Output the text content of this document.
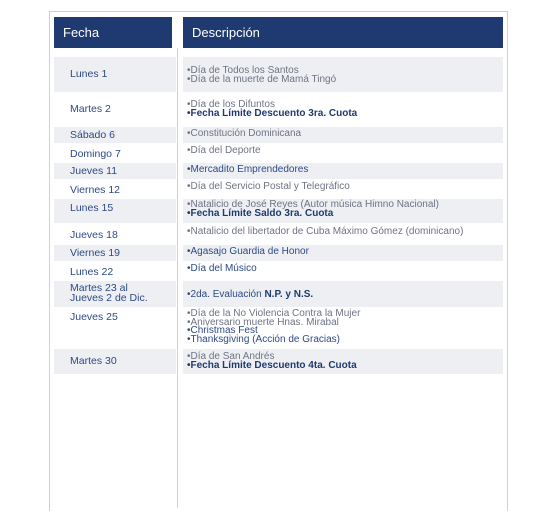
Fecha	Descripción
Lunes 1	•Día de Todos los Santos
•Día de la muerte de Mamá Tingó
Martes 2	•Día de los Difuntos
•Fecha Límite Descuento 3ra. Cuota
Sábado 6	•Constitución Dominicana
Domingo 7	•Día del Deporte
Jueves 11	•Mercadito Emprendedores
Viernes 12	•Día del Servicio Postal y Telegráfico
Lunes 15	•Natalicio de José Reyes (Autor música Himno Nacional)
•Fecha Límite Saldo 3ra. Cuota
Jueves 18	•Natalicio del libertador de Cuba Máximo Gómez (dominicano)
Viernes 19	•Agasajo Guardia de Honor
Lunes 22	•Día del Músico
Martes 23 al
Jueves 2 de Dic.	•2da. Evaluación N.P. y N.S.
Jueves 25	•Día de la No Violencia Contra la Mujer
•Aniversario muerte Hnas. Mirabal
•Christmas Fest
•Thanksgiving (Acción de Gracias)
Martes 30	•Día de San Andrés
•Fecha Límite Descuento 4ta. Cuota
